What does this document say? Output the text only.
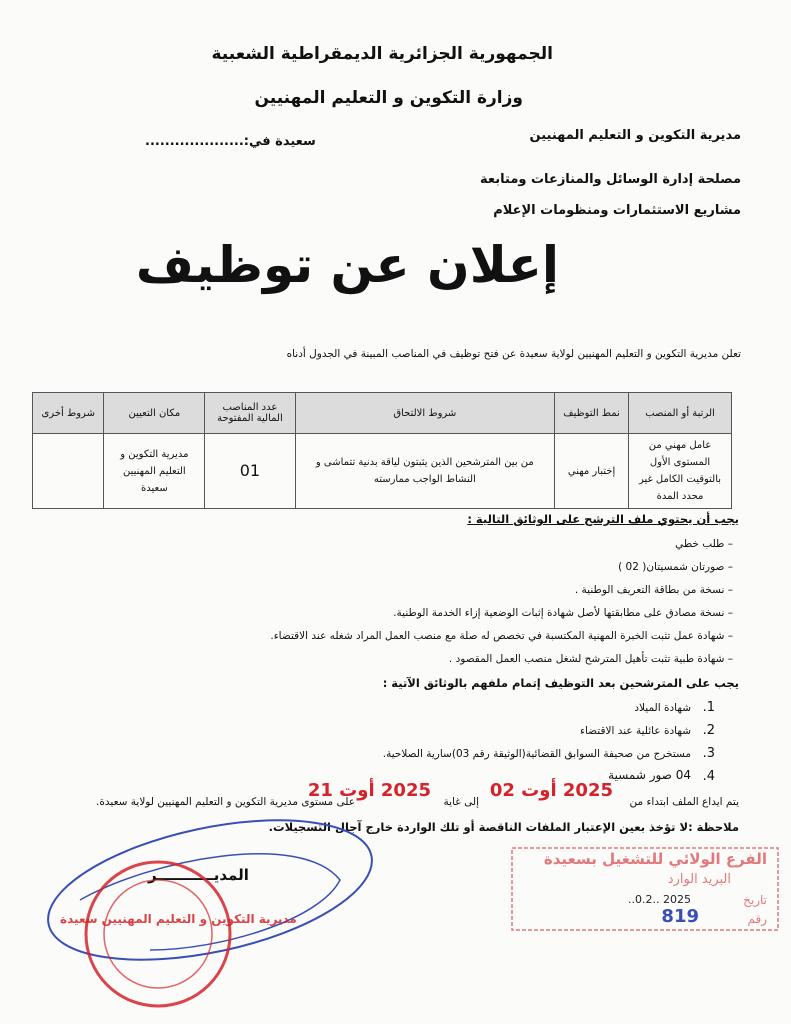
الجمهورية الجزائرية الديمقراطية الشعبية
وزارة التكوين و التعليم المهنيين
مديرية التكوين و التعليم المهنيين
سعيدة في:....................
مصلحة إدارة الوسائل والمنازعات ومتابعة
مشاريع الاستثمارات ومنظومات الإعلام
إعلان عن توظيف
تعلن مديرية التكوين و التعليم المهنيين لولاية سعيدة عن فتح توظيف في المناصب المبينة في الجدول أدناه
الرتبة أو المنصب	نمط التوظيف	شروط الالتحاق	عدد المناصب المالية المفتوحة	مكان التعيين	شروط أخرى
عامل مهني من المستوى الأول بالتوقيت الكامل غير محدد المدة	إختبار مهني	من بين المترشحين الذين يثبتون لياقة بدنية تتماشى و النشاط الواجب ممارسته	01	مديرية التكوين و التعليم المهنيين سعيدة	
يجب أن يحتوي ملف الترشح على الوثائق التالية :
– طلب خطي
– صورتان شمسيتان( 02 )
– نسخة من بطاقة التعريف الوطنية .
– نسخة مصادق على مطابقتها لأصل شهادة إثبات الوضعية إزاء الخدمة الوطنية.
– شهادة عمل تثبت الخبرة المهنية المكتسبة في تخصص له صلة مع منصب العمل المراد شغله عند الاقتضاء.
– شهادة طبية تثبت تأهيل المترشح لشغل منصب العمل المقصود .
يجب على المترشحين بعد التوظيف إتمام ملفهم بالوثائق الآتية :
1.
شهادة الميلاد
2.
شهادة عائلية عند الاقتضاء
3.
مستخرج من صحيفة السوابق القضائية(الوثيقة رقم 03)سارية الصلاحية.
4.
04 صور شمسية
يتم ايداع الملف ابتداء من
2025 أوت 02
إلى غاية
2025 أوت 21
على مستوى مديرية التكوين و التعليم المهنيين لولاية سعيدة.
ملاحظة :لا تؤخذ بعين الإعتبار الملفات الناقصة أو تلك الواردة خارج آجال التسجيلات.
المديـــــــــــر
مديرية التكوين و التعليم المهنيين سعيدة
الفرع الولائي للتشغيل بسعيدة
البريد الوارد
تاريخ
2025 ..0.2..
رقم
819
